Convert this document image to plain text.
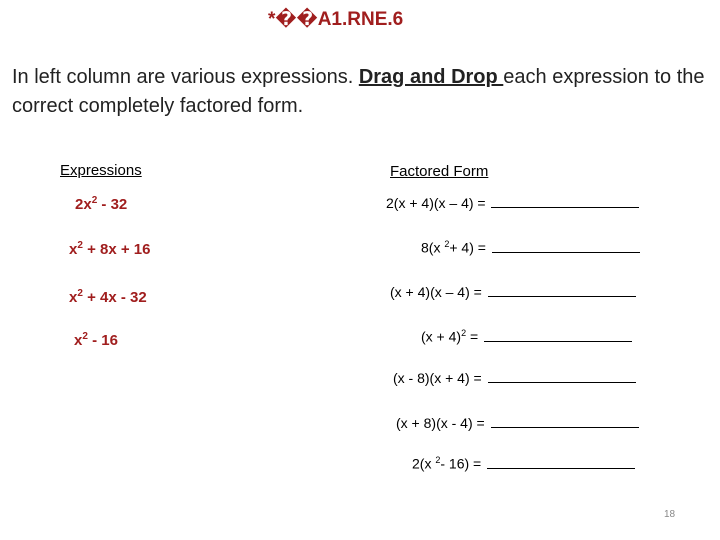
*��A1.RNE.6
In left column are various expressions. Drag and Drop each expression to the correct completely factored form.
Expressions	Factored Form
$2x^2 - 32$
$x^2 + 8x + 16$
$x^2 + 4x - 32$
$x^2 - 16$
2(x + 4)(x – 4) =
8(x $^2$+ 4) =
(x + 4)(x – 4) =
$(x + 4)^2$ =
(x - 8)(x + 4) =
(x + 8)(x - 4) =
2(x $^2$- 16) =
18
